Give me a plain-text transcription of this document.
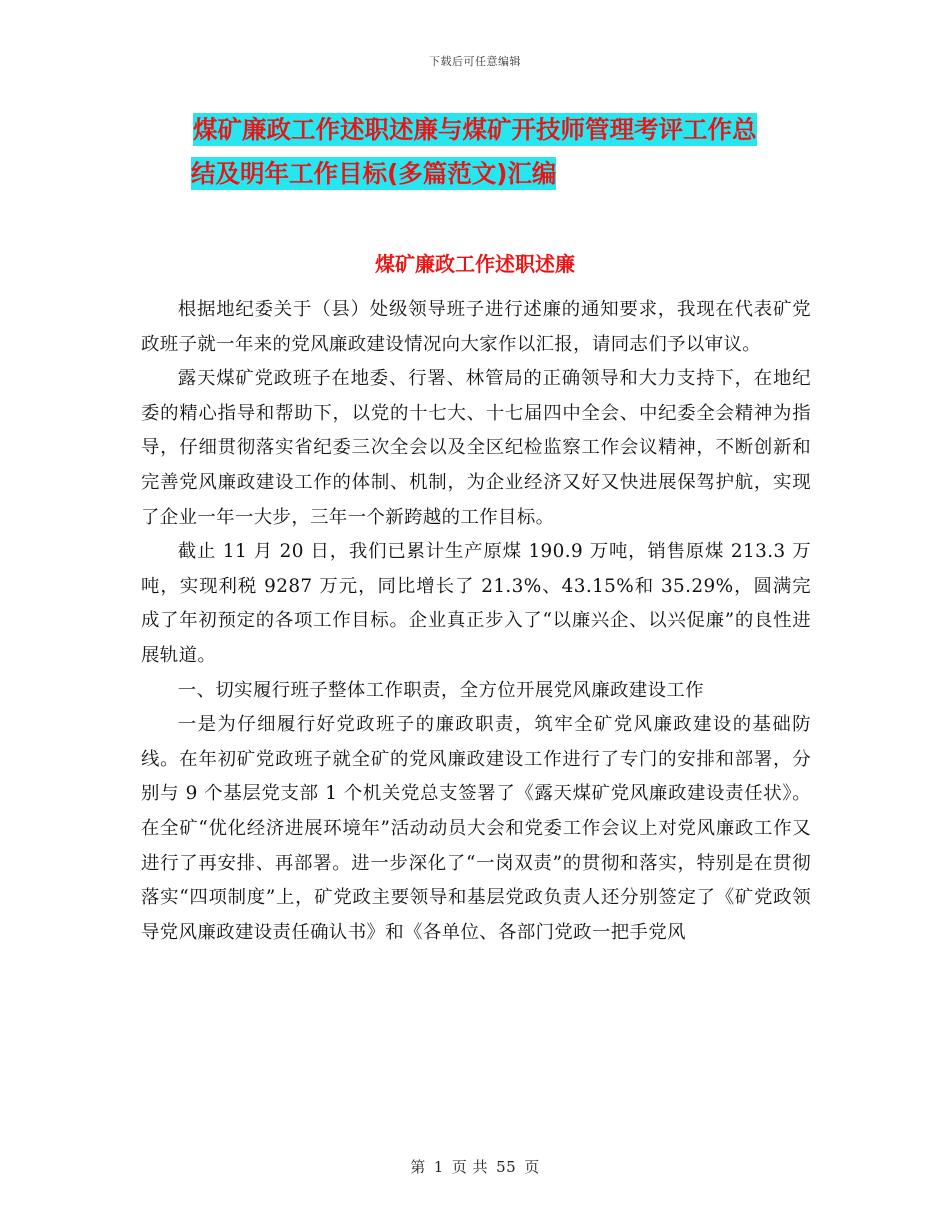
下载后可任意编辑
煤矿廉政工作述职述廉与煤矿开技师管理考评工作总
结及明年工作目标(多篇范文)汇编
煤矿廉政工作述职述廉

根据地纪委关于（县）处级领导班子进行述廉的通知要求，我现在代表矿党政班子就一年来的党风廉政建设情况向大家作以汇报，请同志们予以审议。

露天煤矿党政班子在地委、行署、林管局的正确领导和大力支持下，在地纪委的精心指导和帮助下，以党的十七大、十七届四中全会、中纪委全会精神为指导，仔细贯彻落实省纪委三次全会以及全区纪检监察工作会议精神，不断创新和完善党风廉政建设工作的体制、机制，为企业经济又好又快进展保驾护航，实现了企业一年一大步，三年一个新跨越的工作目标。

截止 11 月 20 日，我们已累计生产原煤 190.9 万吨，销售原煤 213.3 万吨，实现利税 9287 万元，同比增长了 21.3%、43.15%和 35.29%，圆满完成了年初预定的各项工作目标。企业真正步入了“以廉兴企、以兴促廉”的良性进展轨道。

一、切实履行班子整体工作职责，全方位开展党风廉政建设工作

一是为仔细履行好党政班子的廉政职责，筑牢全矿党风廉政建设的基础防线。在年初矿党政班子就全矿的党风廉政建设工作进行了专门的安排和部署，分别与 9 个基层党支部 1 个机关党总支签署了《露天煤矿党风廉政建设责任状》。在全矿“优化经济进展环境年”活动动员大会和党委工作会议上对党风廉政工作又进行了再安排、再部署。进一步深化了“一岗双责”的贯彻和落实，特别是在贯彻落实“四项制度”上，矿党政主要领导和基层党政负责人还分别签定了《矿党政领导党风廉政建设责任确认书》和《各单位、各部门党政一把手党风

第 1 页 共 55 页
